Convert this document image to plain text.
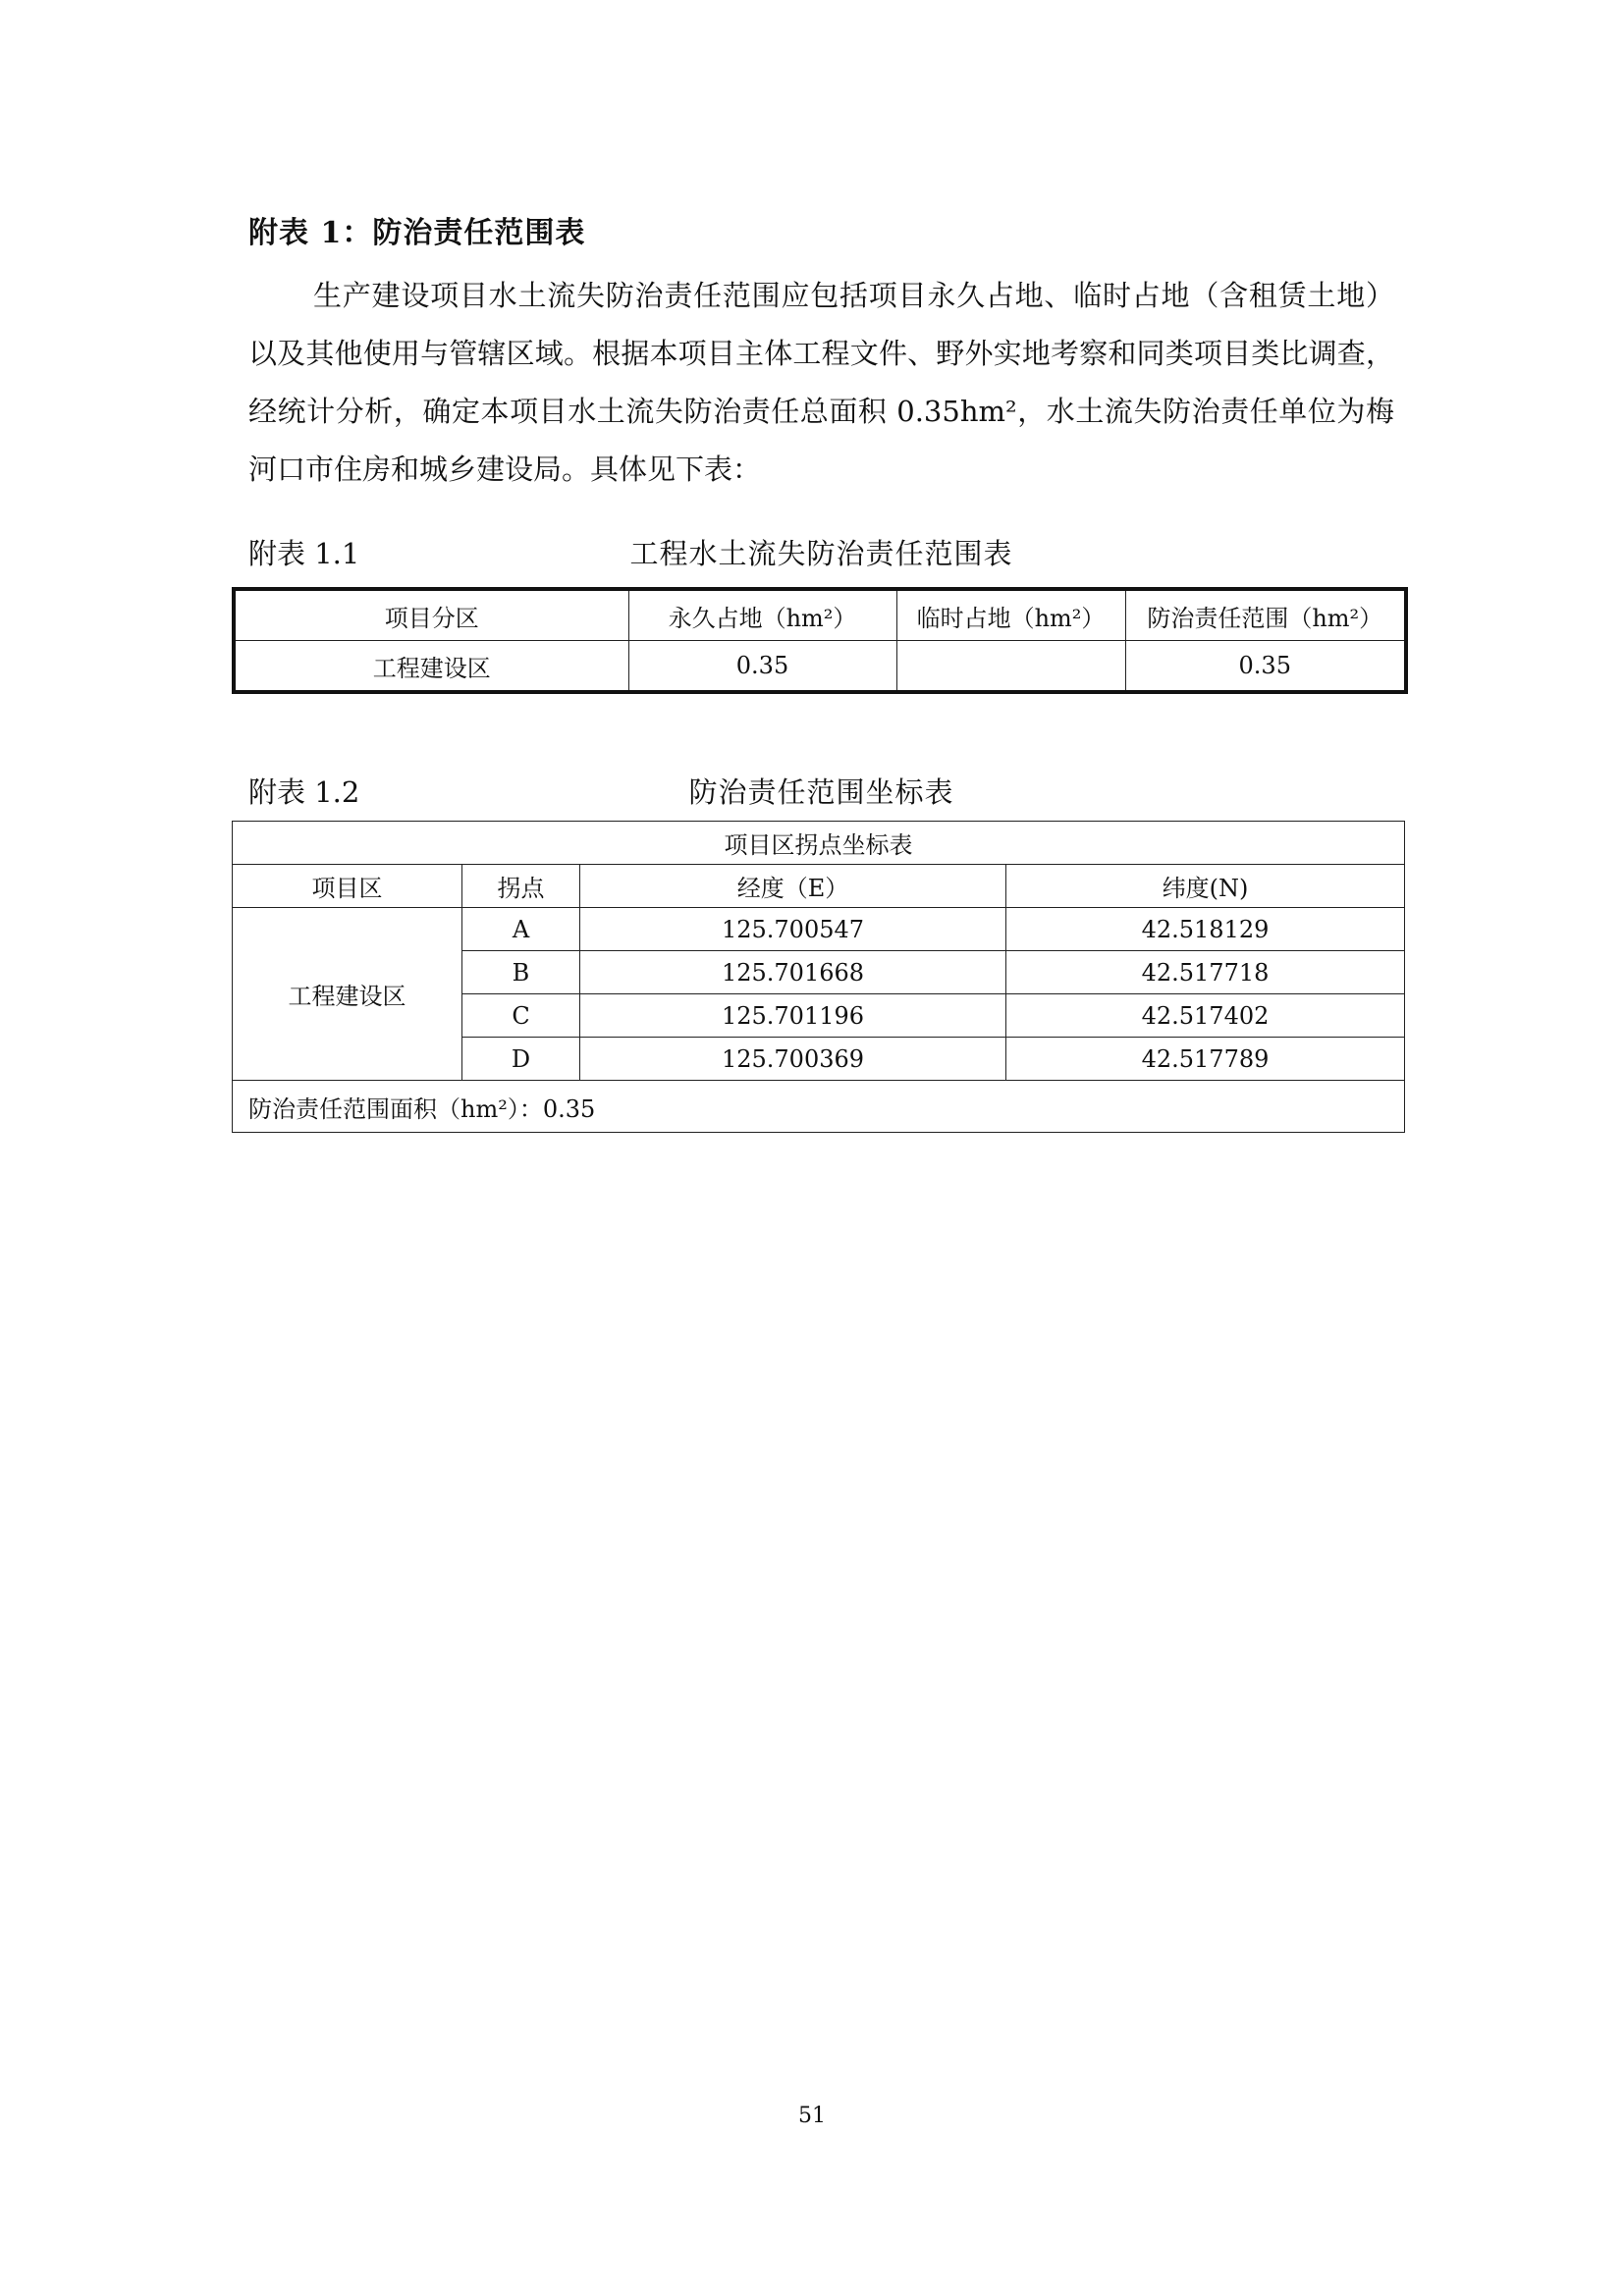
附表 1：防治责任范围表
生产建设项目水土流失防治责任范围应包括项目永久占地、临时占地（含租赁土地）以及其他使用与管辖区域。根据本项目主体工程文件、野外实地考察和同类项目类比调查，经统计分析，确定本项目水土流失防治责任总面积 0.35hm²，水土流失防治责任单位为梅河口市住房和城乡建设局。具体见下表：
附表 1.1	工程水土流失防治责任范围表
项目分区	永久占地（hm²）	临时占地（hm²）	防治责任范围（hm²）
工程建设区	0.35		0.35
附表 1.2	防治责任范围坐标表
项目区拐点坐标表			
项目区	拐点	经度（E）	纬度(N)
工程建设区	A	125.700547	42.518129
	B	125.701668	42.517718
	C	125.701196	42.517402
	D	125.700369	42.517789
防治责任范围面积（hm²）：0.35			
51
